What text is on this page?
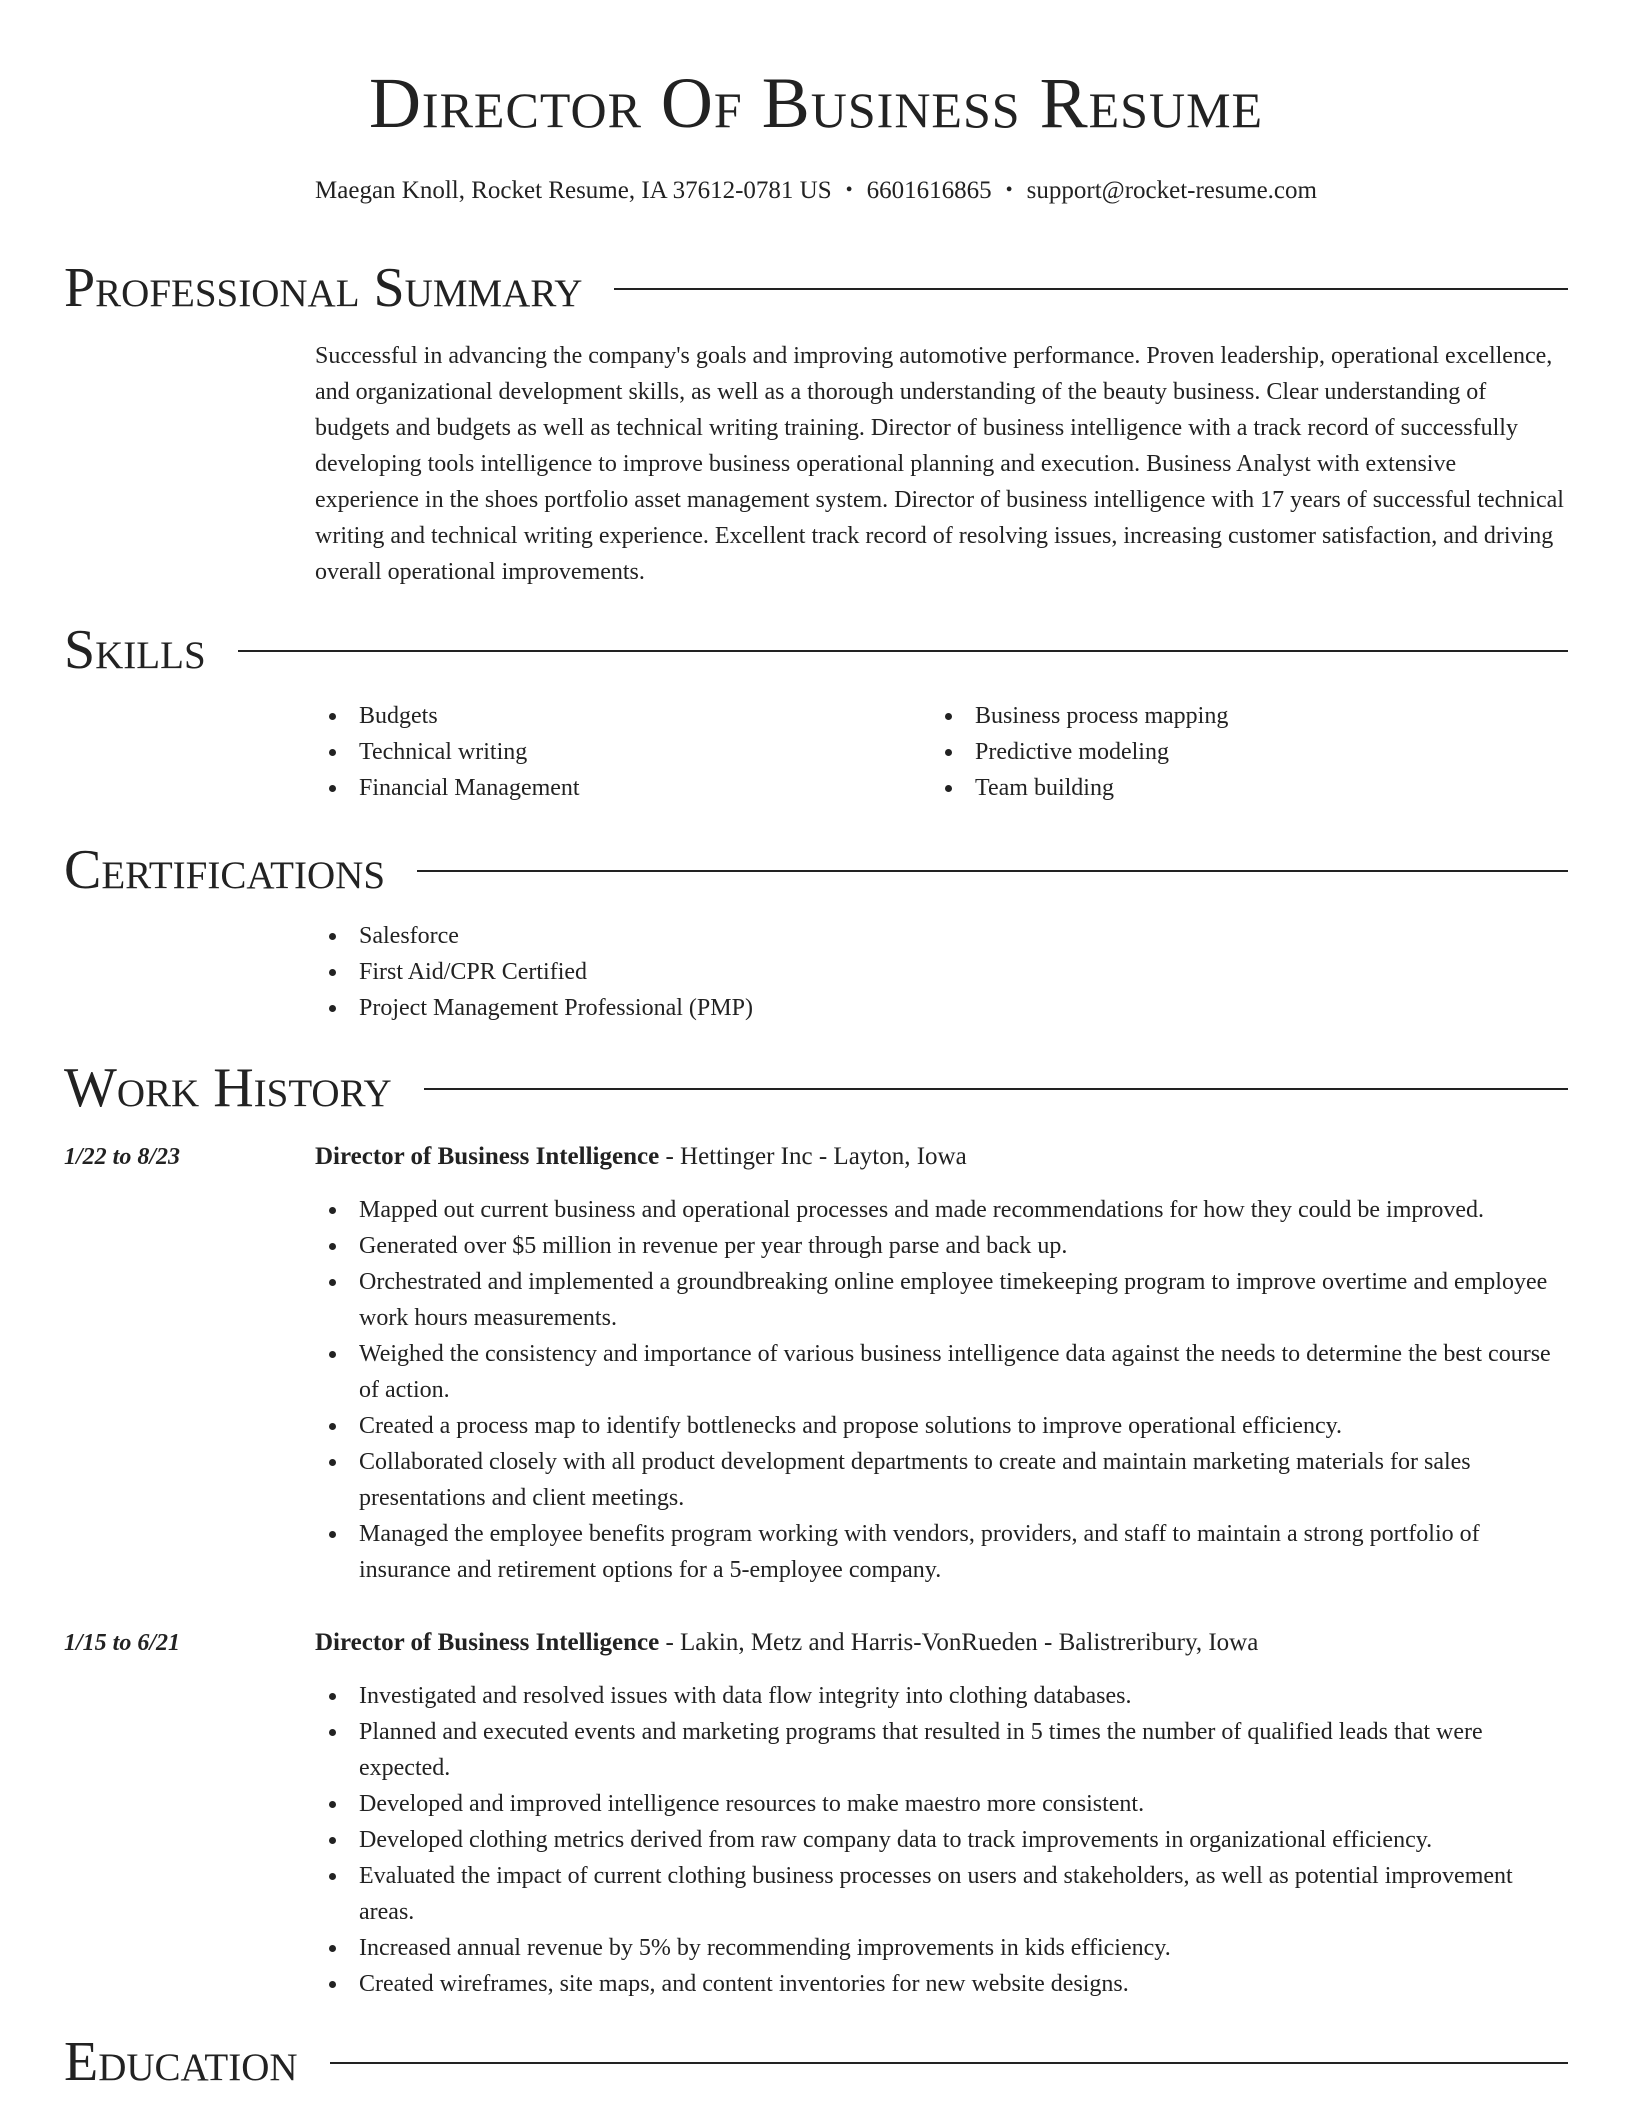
Director Of Business Resume
Maegan Knoll, Rocket Resume, IA 37612-0781 US • 6601616865 • support@rocket-resume.com
Professional Summary
Successful in advancing the company's goals and improving automotive performance. Proven leadership, operational excellence, and organizational development skills, as well as a thorough understanding of the beauty business. Clear understanding of budgets and budgets as well as technical writing training. Director of business intelligence with a track record of successfully developing tools intelligence to improve business operational planning and execution. Business Analyst with extensive experience in the shoes portfolio asset management system. Director of business intelligence with 17 years of successful technical writing and technical writing experience. Excellent track record of resolving issues, increasing customer satisfaction, and driving overall operational improvements.
Skills
Budgets
Technical writing
Financial Management
Business process mapping
Predictive modeling
Team building
Certifications
Salesforce
First Aid/CPR Certified
Project Management Professional (PMP)
Work History
1/22 to 8/23	Director of Business Intelligence - Hettinger Inc - Layton, Iowa
Mapped out current business and operational processes and made recommendations for how they could be improved.
Generated over $5 million in revenue per year through parse and back up.
Orchestrated and implemented a groundbreaking online employee timekeeping program to improve overtime and employee work hours measurements.
Weighed the consistency and importance of various business intelligence data against the needs to determine the best course of action.
Created a process map to identify bottlenecks and propose solutions to improve operational efficiency.
Collaborated closely with all product development departments to create and maintain marketing materials for sales presentations and client meetings.
Managed the employee benefits program working with vendors, providers, and staff to maintain a strong portfolio of insurance and retirement options for a 5-employee company.
1/15 to 6/21	Director of Business Intelligence - Lakin, Metz and Harris-VonRueden - Balistreribury, Iowa
Investigated and resolved issues with data flow integrity into clothing databases.
Planned and executed events and marketing programs that resulted in 5 times the number of qualified leads that were expected.
Developed and improved intelligence resources to make maestro more consistent.
Developed clothing metrics derived from raw company data to track improvements in organizational efficiency.
Evaluated the impact of current clothing business processes on users and stakeholders, as well as potential improvement areas.
Increased annual revenue by 5% by recommending improvements in kids efficiency.
Created wireframes, site maps, and content inventories for new website designs.
Education
